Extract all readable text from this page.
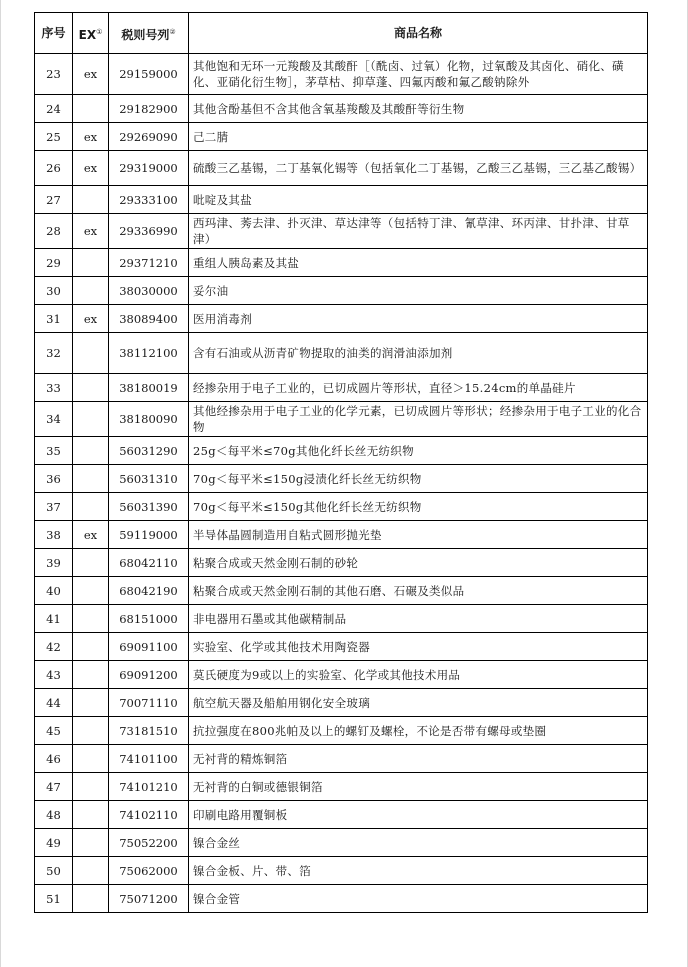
序号	EX①	税则号列②	商品名称
23	ex	29159000	其他饱和无环一元羧酸及其酸酐［（酰卤、过氧）化物，过氧酸及其卤化、硝化、磺化、亚硝化衍生物］，茅草枯、抑草蓬、四氟丙酸和氟乙酸钠除外
24		29182900	其他含酚基但不含其他含氧基羧酸及其酸酐等衍生物
25	ex	29269090	己二腈
26	ex	29319000	硫酸三乙基锡，二丁基氧化锡等（包括氧化二丁基锡，乙酸三乙基锡，三乙基乙酸锡）
27		29333100	吡啶及其盐
28	ex	29336990	西玛津、莠去津、扑灭津、草达津等（包括特丁津、氰草津、环丙津、甘扑津、甘草津）
29		29371210	重组人胰岛素及其盐
30		38030000	妥尔油
31	ex	38089400	医用消毒剂
32		38112100	含有石油或从沥青矿物提取的油类的润滑油添加剂
33		38180019	经掺杂用于电子工业的，已切成圆片等形状，直径＞15.24cm的单晶硅片
34		38180090	其他经掺杂用于电子工业的化学元素，已切成圆片等形状；经掺杂用于电子工业的化合物
35		56031290	25g＜每平米≤70g其他化纤长丝无纺织物
36		56031310	70g＜每平米≤150g浸渍化纤长丝无纺织物
37		56031390	70g＜每平米≤150g其他化纤长丝无纺织物
38	ex	59119000	半导体晶圆制造用自粘式圆形抛光垫
39		68042110	粘聚合成或天然金刚石制的砂轮
40		68042190	粘聚合成或天然金刚石制的其他石磨、石碾及类似品
41		68151000	非电器用石墨或其他碳精制品
42		69091100	实验室、化学或其他技术用陶瓷器
43		69091200	莫氏硬度为9或以上的实验室、化学或其他技术用品
44		70071110	航空航天器及船舶用钢化安全玻璃
45		73181510	抗拉强度在800兆帕及以上的螺钉及螺栓，不论是否带有螺母或垫圈
46		74101100	无衬背的精炼铜箔
47		74101210	无衬背的白铜或德银铜箔
48		74102110	印刷电路用覆铜板
49		75052200	镍合金丝
50		75062000	镍合金板、片、带、箔
51		75071200	镍合金管
